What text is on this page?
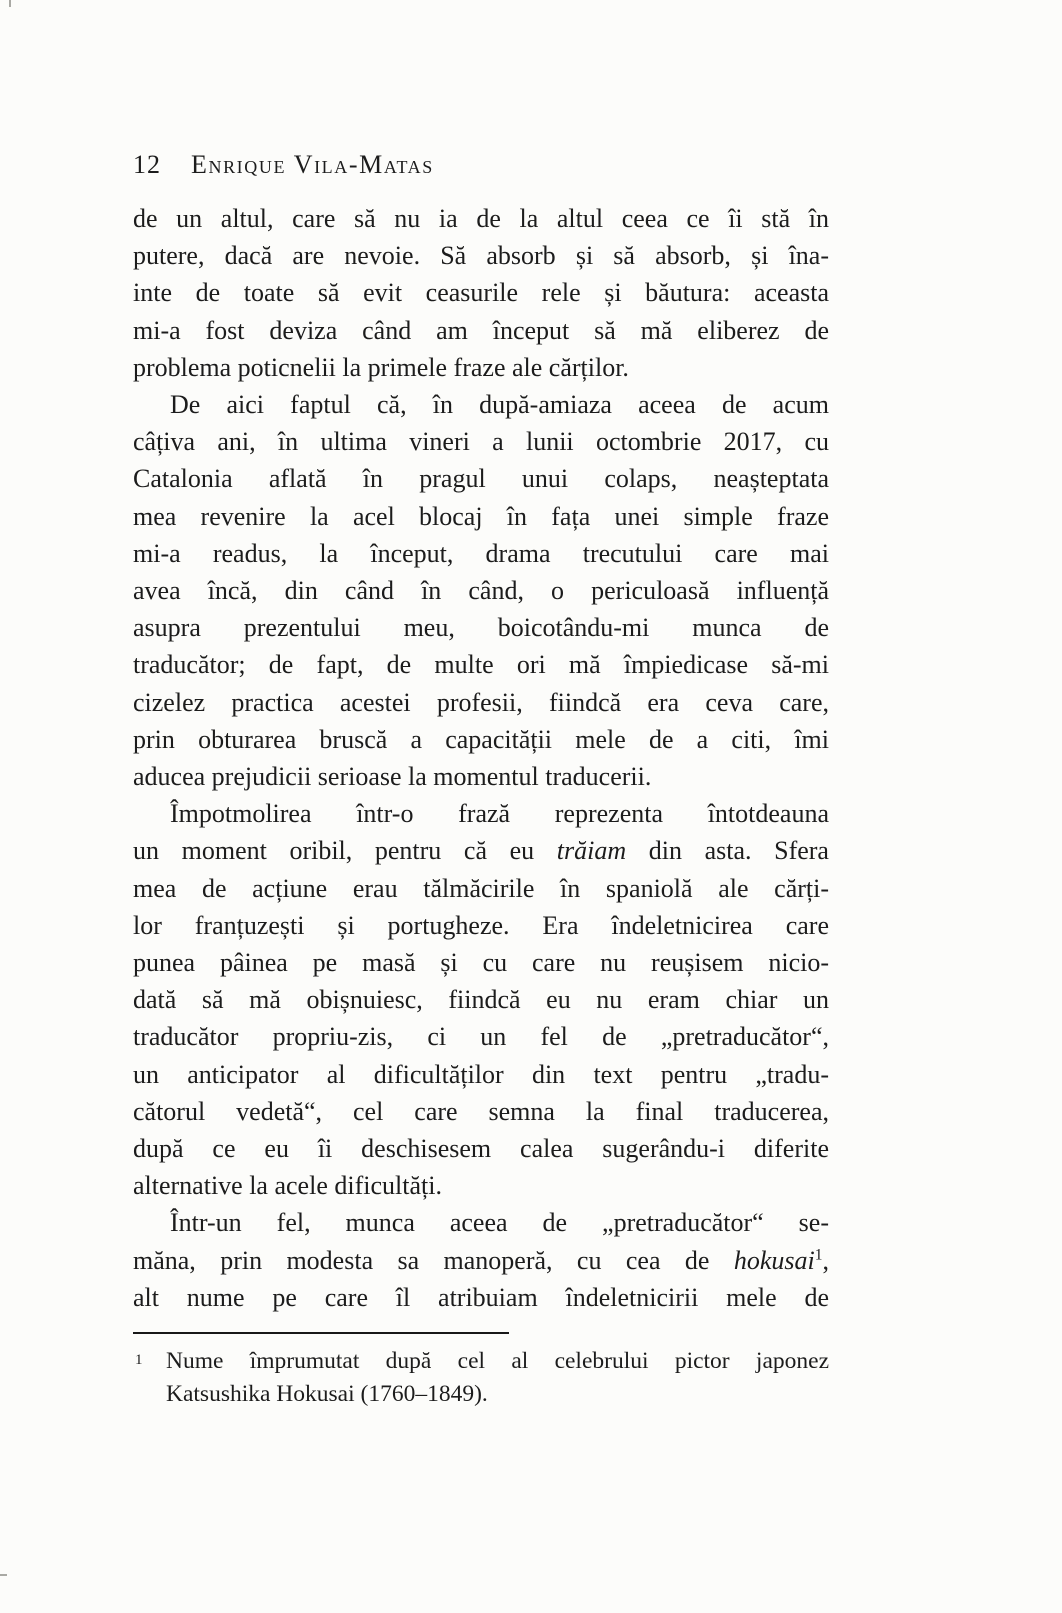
12 Enrique Vila-Matas
de un altul, care să nu ia de la altul ceea ce îi stă în
putere, dacă are nevoie. Să absorb și să absorb, și îna-
inte de toate să evit ceasurile rele și băutura: aceasta
mi-a fost deviza când am început să mă eliberez de
problema poticnelii la primele fraze ale cărților.
De aici faptul că, în după-amiaza aceea de acum
câțiva ani, în ultima vineri a lunii octombrie 2017, cu
Catalonia aflată în pragul unui colaps, neașteptata
mea revenire la acel blocaj în fața unei simple fraze
mi-a readus, la început, drama trecutului care mai
avea încă, din când în când, o periculoasă influență
asupra prezentului meu, boicotându-mi munca de
traducător; de fapt, de multe ori mă împiedicase să-mi
cizelez practica acestei profesii, fiindcă era ceva care,
prin obturarea bruscă a capacității mele de a citi, îmi
aducea prejudicii serioase la momentul traducerii.
Împotmolirea într-o frază reprezenta întotdeauna
un moment oribil, pentru că eu trăiam din asta. Sfera
mea de acțiune erau tălmăcirile în spaniolă ale cărți-
lor franțuzești și portugheze. Era îndeletnicirea care
punea pâinea pe masă și cu care nu reușisem nicio-
dată să mă obișnuiesc, fiindcă eu nu eram chiar un
traducător propriu-zis, ci un fel de „pretraducător“,
un anticipator al dificultăților din text pentru „tradu-
cătorul vedetă“, cel care semna la final traducerea,
după ce eu îi deschisesem calea sugerându-i diferite
alternative la acele dificultăți.
Într-un fel, munca aceea de „pretraducător“ se-
măna, prin modesta sa manoperă, cu cea de hokusai$^1$,
alt nume pe care îl atribuiam îndeletnicirii mele de
1 Nume împrumutat după cel al celebrului pictor japonez
Katsushika Hokusai (1760–1849).
